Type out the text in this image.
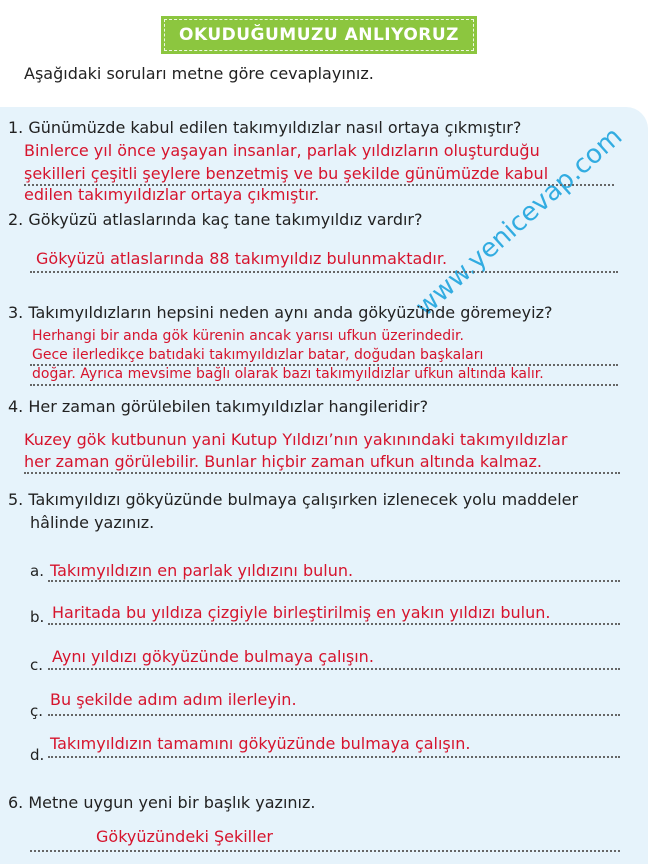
OKUDUĞUMUZU ANLIYORUZ
Aşağıdaki soruları metne göre cevaplayınız.
www.yenicevap.com
1. Günümüzde kabul edilen takımyıldızlar nasıl ortaya çıkmıştır?
Binlerce yıl önce yaşayan insanlar, parlak yıldızların oluşturduğu
şekilleri çeşitli şeylere benzetmiş ve bu şekilde günümüzde kabul
edilen takımyıldızlar ortaya çıkmıştır.
2. Gökyüzü atlaslarında kaç tane takımyıldız vardır?
Gökyüzü atlaslarında 88 takımyıldız bulunmaktadır.
3. Takımyıldızların hepsini neden aynı anda gökyüzünde göremeyiz?
Herhangi bir anda gök kürenin ancak yarısı ufkun üzerindedir.
Gece ilerledikçe batıdaki takımyıldızlar batar, doğudan başkaları
doğar. Ayrıca mevsime bağlı olarak bazı takımyıldızlar ufkun altında kalır.
4. Her zaman görülebilen takımyıldızlar hangileridir?
Kuzey gök kutbunun yani Kutup Yıldızı’nın yakınındaki takımyıldızlar
her zaman görülebilir. Bunlar hiçbir zaman ufkun altında kalmaz.
5. Takımyıldızı gökyüzünde bulmaya çalışırken izlenecek yolu maddeler
hâlinde yazınız.
a. Takımyıldızın en parlak yıldızını bulun.
b. Haritada bu yıldıza çizgiyle birleştirilmiş en yakın yıldızı bulun.
c. Aynı yıldızı gökyüzünde bulmaya çalışın.
ç.
Bu şekilde adım adım ilerleyin.
d.
Takımyıldızın tamamını gökyüzünde bulmaya çalışın.
6. Metne uygun yeni bir başlık yazınız.
Gökyüzündeki Şekiller
